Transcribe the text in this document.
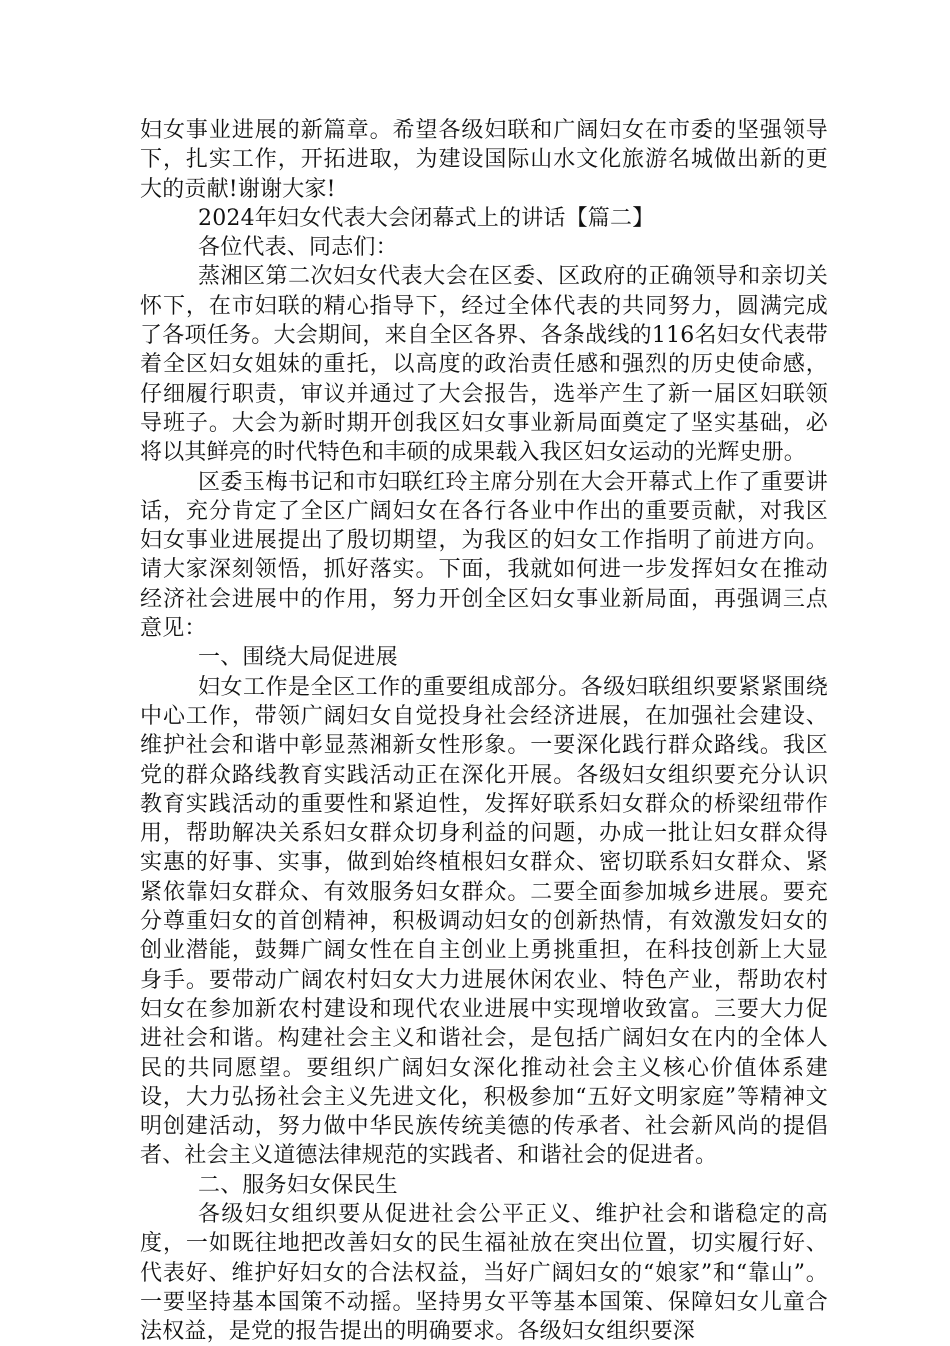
妇女事业进展的新篇章。希望各级妇联和广阔妇女在市委的坚强领导下，扎实工作，开拓进取，为建设国际山水文化旅游名城做出新的更大的贡献!谢谢大家!

2024年妇女代表大会闭幕式上的讲话【篇二】

各位代表、同志们：

蒸湘区第二次妇女代表大会在区委、区政府的正确领导和亲切关怀下，在市妇联的精心指导下，经过全体代表的共同努力，圆满完成了各项任务。大会期间，来自全区各界、各条战线的116名妇女代表带着全区妇女姐妹的重托，以高度的政治责任感和强烈的历史使命感，仔细履行职责，审议并通过了大会报告，选举产生了新一届区妇联领导班子。大会为新时期开创我区妇女事业新局面奠定了坚实基础，必将以其鲜亮的时代特色和丰硕的成果载入我区妇女运动的光辉史册。

区委玉梅书记和市妇联红玲主席分别在大会开幕式上作了重要讲话，充分肯定了全区广阔妇女在各行各业中作出的重要贡献，对我区妇女事业进展提出了殷切期望，为我区的妇女工作指明了前进方向。请大家深刻领悟，抓好落实。下面，我就如何进一步发挥妇女在推动经济社会进展中的作用，努力开创全区妇女事业新局面，再强调三点意见：

一、围绕大局促进展

妇女工作是全区工作的重要组成部分。各级妇联组织要紧紧围绕中心工作，带领广阔妇女自觉投身社会经济进展，在加强社会建设、维护社会和谐中彰显蒸湘新女性形象。一要深化践行群众路线。我区党的群众路线教育实践活动正在深化开展。各级妇女组织要充分认识教育实践活动的重要性和紧迫性，发挥好联系妇女群众的桥梁纽带作用，帮助解决关系妇女群众切身利益的问题，办成一批让妇女群众得实惠的好事、实事，做到始终植根妇女群众、密切联系妇女群众、紧紧依靠妇女群众、有效服务妇女群众。二要全面参加城乡进展。要充分尊重妇女的首创精神，积极调动妇女的创新热情，有效激发妇女的创业潜能，鼓舞广阔女性在自主创业上勇挑重担，在科技创新上大显身手。要带动广阔农村妇女大力进展休闲农业、特色产业，帮助农村妇女在参加新农村建设和现代农业进展中实现增收致富。三要大力促进社会和谐。构建社会主义和谐社会，是包括广阔妇女在内的全体人民的共同愿望。要组织广阔妇女深化推动社会主义核心价值体系建设，大力弘扬社会主义先进文化，积极参加“五好文明家庭”等精神文明创建活动，努力做中华民族传统美德的传承者、社会新风尚的提倡者、社会主义道德法律规范的实践者、和谐社会的促进者。

二、服务妇女保民生

各级妇女组织要从促进社会公平正义、维护社会和谐稳定的高度，一如既往地把改善妇女的民生福祉放在突出位置，切实履行好、代表好、维护好妇女的合法权益，当好广阔妇女的“娘家”和“靠山”。一要坚持基本国策不动摇。坚持男女平等基本国策、保障妇女儿童合法权益，是党的报告提出的明确要求。各级妇女组织要深
